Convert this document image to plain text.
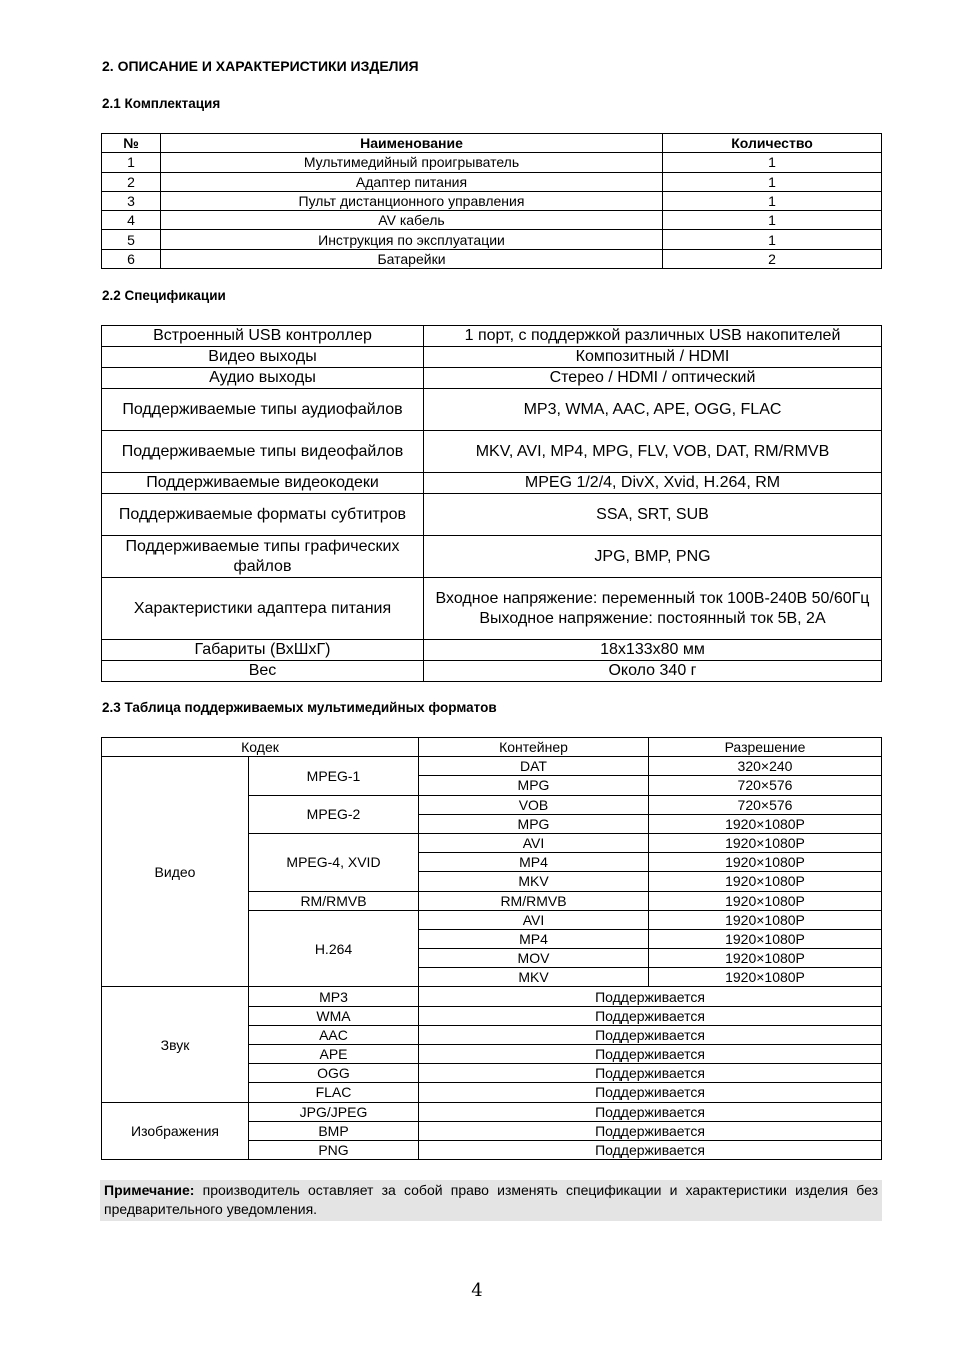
2. ОПИСАНИЕ И ХАРАКТЕРИСТИКИ ИЗДЕЛИЯ
2.1 Комплектация
№	Наименование	Количество
1	Мультимедийный проигрыватель	1
2	Адаптер питания	1
3	Пульт дистанционного управления	1
4	AV кабель	1
5	Инструкция по эксплуатации	1
6	Батарейки	2
2.2 Спецификации
Встроенный USB контроллер	1 порт, с поддержкой различных USB накопителей
Видео выходы	Композитный / HDMI
Аудио выходы	Стерео / HDMI / оптический
Поддерживаемые типы аудиофайлов	MP3, WMA, AAC, APE, OGG, FLAC
Поддерживаемые типы видеофайлов	MKV, AVI, MP4, MPG, FLV, VOB, DAT, RM/RMVB
Поддерживаемые видеокодеки	MPEG 1/2/4, DivX, Xvid, H.264, RM
Поддерживаемые форматы субтитров	SSA, SRT, SUB
Поддерживаемые типы графических файлов	JPG, BMP, PNG
Характеристики адаптера питания	Входное напряжение: переменный ток 100В-240В 50/60Гц Выходное напряжение: постоянный ток 5В, 2А
Габариты (ВхШхГ)	18х133х80 мм
Вес	Около 340 г
2.3 Таблица поддерживаемых мультимедийных форматов
Кодек		Контейнер	Разрешение
Видео	MPEG-1	DAT	320×240
		MPG	720×576
	MPEG-2	VOB	720×576
		MPG	1920×1080P
	MPEG-4, XVID	AVI	1920×1080P
		MP4	1920×1080P
		MKV	1920×1080P
	RM/RMVB	RM/RMVB	1920×1080P
	H.264	AVI	1920×1080P
		MP4	1920×1080P
		MOV	1920×1080P
		MKV	1920×1080P
Звук	MP3	Поддерживается	
	WMA	Поддерживается	
	AAC	Поддерживается	
	APE	Поддерживается	
	OGG	Поддерживается	
	FLAC	Поддерживается	
Изображения	JPG/JPEG	Поддерживается	
	BMP	Поддерживается	
	PNG	Поддерживается	
Примечание: производитель оставляет за собой право изменять спецификации и характеристики изделия без предварительного уведомления.
4
